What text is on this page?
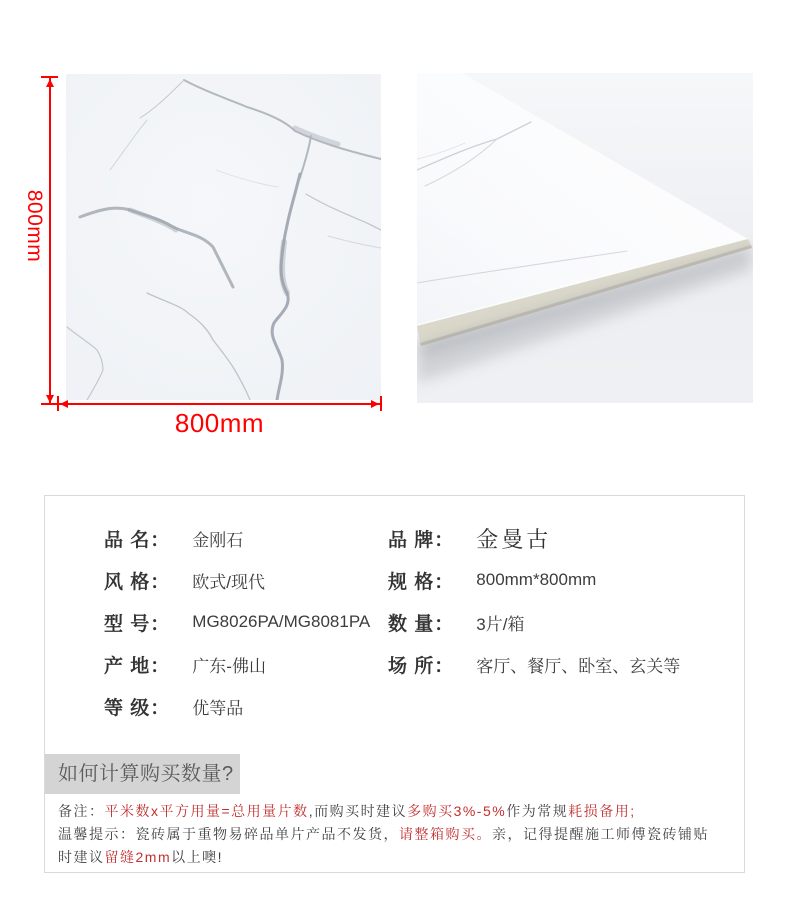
800mm
800mm
品 名： 金刚石
风 格： 欧式/现代
型 号： MG8026PA/MG8081PA
产 地： 广东-佛山
等 级： 优等品
品 牌： 金曼古
规 格： 800mm*800mm
数 量： 3片/箱
场 所： 客厅、餐厅、卧室、玄关等
如何计算购买数量?

备注：平米数x平方用量=总用量片数,而购买时建议多购买3%-5%作为常规耗损备用;

温馨提示：瓷砖属于重物易碎品单片产品不发货，请整箱购买。亲，记得提醒施工师傅瓷砖铺贴

时建议留缝2mm以上噢!
